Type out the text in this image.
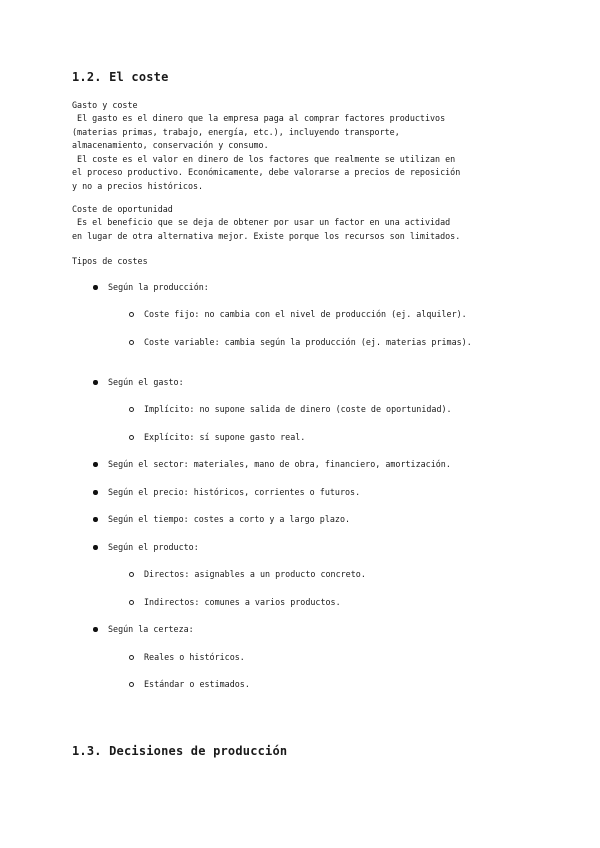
1.2. El coste
Gasto y coste
El gasto es el dinero que la empresa paga al comprar factores productivos
(materias primas, trabajo, energía, etc.), incluyendo transporte,
almacenamiento, conservación y consumo.
El coste es el valor en dinero de los factores que realmente se utilizan en
el proceso productivo. Económicamente, debe valorarse a precios de reposición
y no a precios históricos.
Coste de oportunidad
Es el beneficio que se deja de obtener por usar un factor en una actividad
en lugar de otra alternativa mejor. Existe porque los recursos son limitados.
Tipos de costes
Según la producción:
Coste fijo: no cambia con el nivel de producción (ej. alquiler).
Coste variable: cambia según la producción (ej. materias primas).
Según el gasto:
Implícito: no supone salida de dinero (coste de oportunidad).
Explícito: sí supone gasto real.
Según el sector: materiales, mano de obra, financiero, amortización.
Según el precio: históricos, corrientes o futuros.
Según el tiempo: costes a corto y a largo plazo.
Según el producto:
Directos: asignables a un producto concreto.
Indirectos: comunes a varios productos.
Según la certeza:
Reales o históricos.
Estándar o estimados.
1.3. Decisiones de producción
